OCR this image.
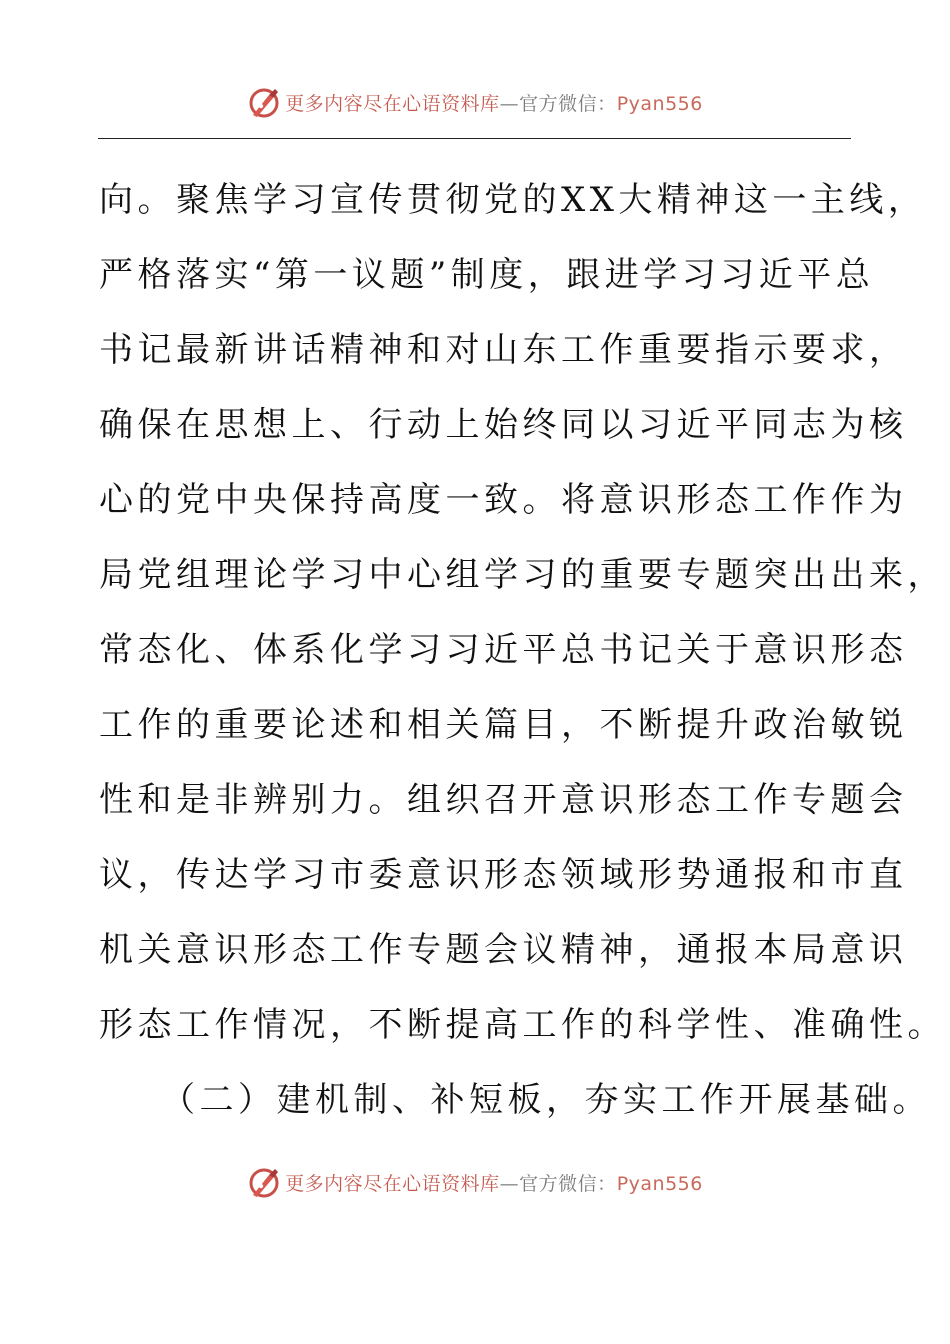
更多内容尽在心语资料库—官方微信：Pyan556
向。聚焦学习宣传贯彻党的XX大精神这一主线，
严格落实“第一议题”制度，跟进学习习近平总
书记最新讲话精神和对山东工作重要指示要求，
确保在思想上、行动上始终同以习近平同志为核
心的党中央保持高度一致。将意识形态工作作为
局党组理论学习中心组学习的重要专题突出出来，
常态化、体系化学习习近平总书记关于意识形态
工作的重要论述和相关篇目，不断提升政治敏锐
性和是非辨别力。组织召开意识形态工作专题会
议，传达学习市委意识形态领域形势通报和市直
机关意识形态工作专题会议精神，通报本局意识
形态工作情况，不断提高工作的科学性、准确性。
（二）建机制、补短板，夯实工作开展基础。
更多内容尽在心语资料库—官方微信：Pyan556
